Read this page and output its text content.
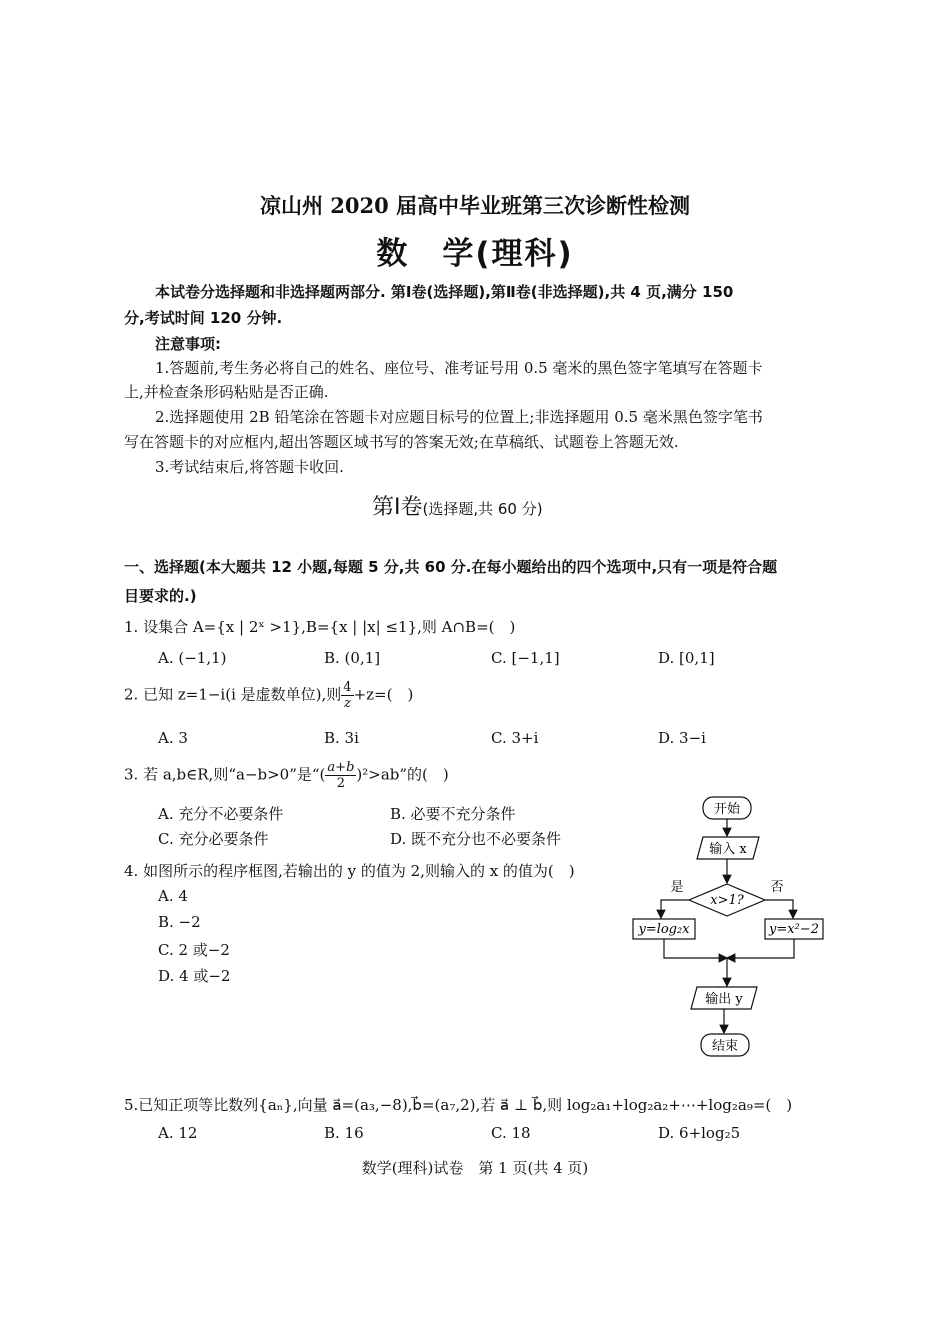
凉山州 2020 届高中毕业班第三次诊断性检测
数　学(理科)
本试卷分选择题和非选择题两部分. 第Ⅰ卷(选择题),第Ⅱ卷(非选择题),共 4 页,满分 150
分,考试时间 120 分钟.
注意事项:
1.答题前,考生务必将自己的姓名、座位号、准考证号用 0.5 毫米的黑色签字笔填写在答题卡
上,并检查条形码粘贴是否正确.
2.选择题使用 2B 铅笔涂在答题卡对应题目标号的位置上;非选择题用 0.5 毫米黑色签字笔书
写在答题卡的对应框内,超出答题区域书写的答案无效;在草稿纸、试题卷上答题无效.
3.考试结束后,将答题卡收回.
第Ⅰ卷(选择题,共 60 分)
一、选择题(本大题共 12 小题,每题 5 分,共 60 分.在每小题给出的四个选项中,只有一项是符合题
目要求的.)
1. 设集合 A={x | 2ˣ >1},B={x | |x| ≤1},则 A∩B=(　)
A. (−1,1)	B. (0,1]	C. [−1,1]	D. [0,1]
2. 已知 z=1−i(i 是虚数单位),则 $\frac{4}{z} +z=$(　)
A. 3	B. 3i	C. 3+i	D. 3−i
3. 若 a,b∈R,则“a−b>0”是“( $\frac{a+b}{2} )^2>ab$”的(　)
A. 充分不必要条件	B. 必要不充分条件
C. 充分必要条件	D. 既不充分也不必要条件
4. 如图所示的程序框图,若输出的 y 的值为 2,则输入的 x 的值为(　)
A. 4
B. −2
C. 2 或−2
D. 4 或−2
开始
输入 x
x>1?
是	否
y=log₂x	y=x²−2
输出 y
结束
5.已知正项等比数列{aₙ},向量 a⃗=(a₃,−8),b⃗=(a₇,2),若 a⃗ ⊥ b⃗,则 log₂a₁+log₂a₂+⋯+log₂a₉=(　)
A. 12	B. 16	C. 18	D. 6+log₂5
数学(理科)试卷　第 1 页(共 4 页)
